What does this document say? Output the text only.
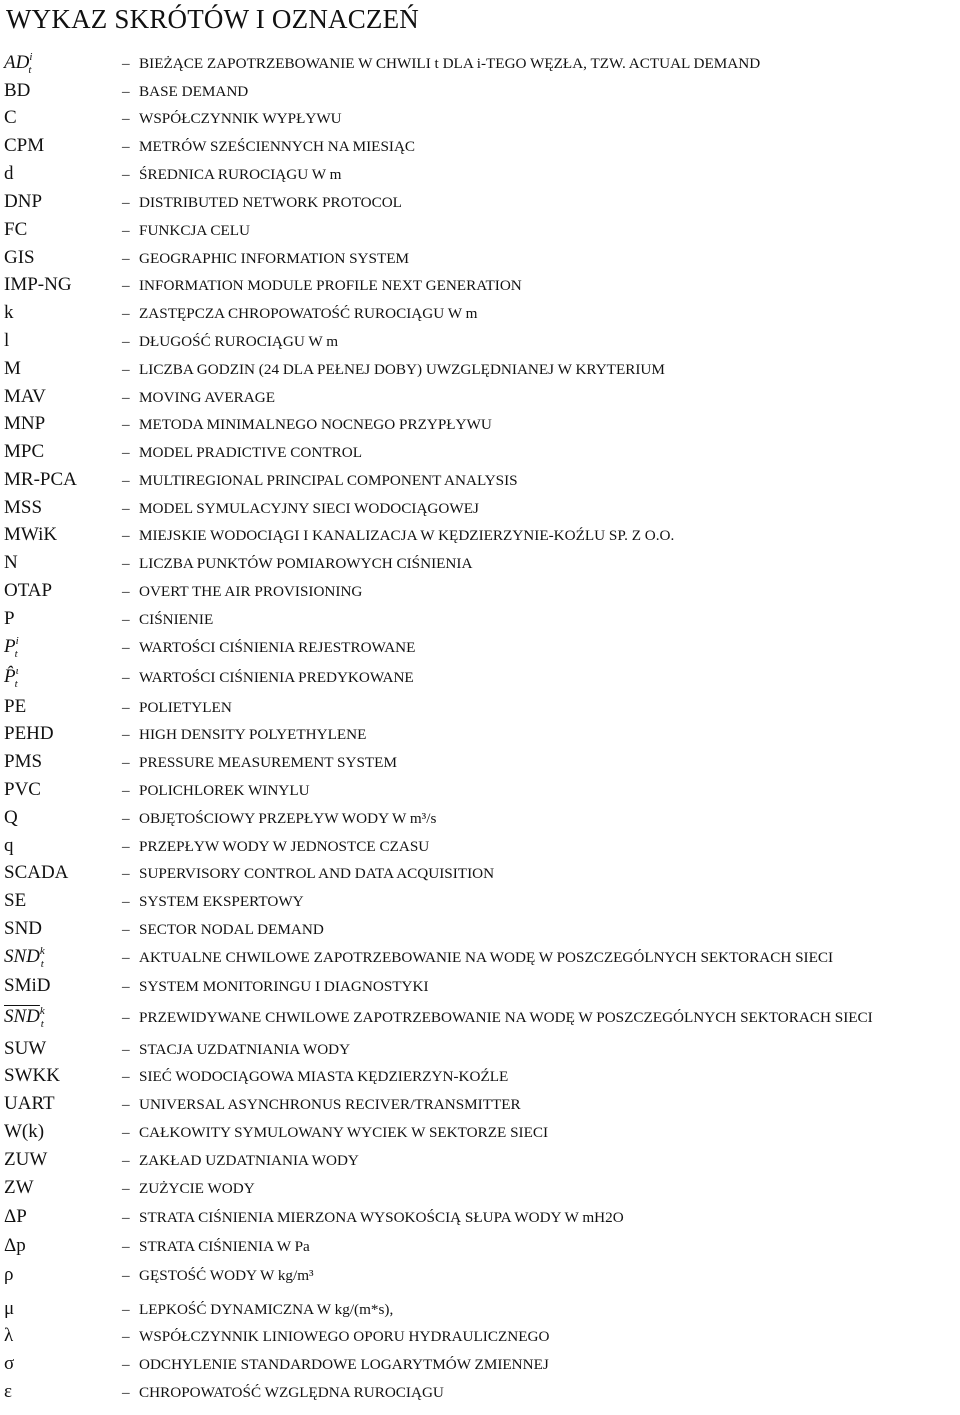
WYKAZ SKRÓTÓW I OZNACZEŃ
$AD^i_t$	– BIEŻĄCE ZAPOTRZEBOWANIE W CHWILI t DLA i-TEGO WĘZŁA, TZW. ACTUAL DEMAND
BD	– BASE DEMAND
C	– WSPÓŁCZYNNIK WYPŁYWU
CPM	– METRÓW SZEŚCIENNYCH NA MIESIĄC
d	– ŚREDNICA RUROCIĄGU W m
DNP	– DISTRIBUTED NETWORK PROTOCOL
FC	– FUNKCJA CELU
GIS	– GEOGRAPHIC INFORMATION SYSTEM
IMP-NG	– INFORMATION MODULE PROFILE NEXT GENERATION
k	– ZASTĘPCZA CHROPOWATOŚĆ RUROCIĄGU W m
l	– DŁUGOŚĆ RUROCIĄGU W m
M	– LICZBA GODZIN (24 DLA PEŁNEJ DOBY) UWZGLĘDNIANEJ W KRYTERIUM
MAV	– MOVING AVERAGE
MNP	– METODA MINIMALNEGO NOCNEGO PRZYPŁYWU
MPC	– MODEL PRADICTIVE CONTROL
MR-PCA	– MULTIREGIONAL PRINCIPAL COMPONENT ANALYSIS
MSS	– MODEL SYMULACYJNY SIECI WODOCIĄGOWEJ
MWiK	– MIEJSKIE WODOCIĄGI I KANALIZACJA W KĘDZIERZYNIE-KOŹLU SP. Z O.O.
N	– LICZBA PUNKTÓW POMIAROWYCH CIŚNIENIA
OTAP	– OVERT THE AIR PROVISIONING
P	– CIŚNIENIE
$P^i_t$	– WARTOŚCI CIŚNIENIA REJESTROWANE
P̂$^\iota_t$	– WARTOŚCI CIŚNIENIA PREDYKOWANE
PE	– POLIETYLEN
PEHD	– HIGH DENSITY POLYETHYLENE
PMS	– PRESSURE MEASUREMENT SYSTEM
PVC	– POLICHLOREK WINYLU
Q	– OBJĘTOŚCIOWY PRZEPŁYW WODY W m³/s
q	– PRZEPŁYW WODY W JEDNOSTCE CZASU
SCADA	– SUPERVISORY CONTROL AND DATA ACQUISITION
SE	– SYSTEM EKSPERTOWY
SND	– SECTOR NODAL DEMAND
$SND^k_t$	– AKTUALNE CHWILOWE ZAPOTRZEBOWANIE NA WODĘ W POSZCZEGÓLNYCH SEKTORACH SIECI
SMiD	– SYSTEM MONITORINGU I DIAGNOSTYKI
$\overline{SND}^k_t$	– PRZEWIDYWANE CHWILOWE ZAPOTRZEBOWANIE NA WODĘ W POSZCZEGÓLNYCH SEKTORACH SIECI
SUW	– STACJA UZDATNIANIA WODY
SWKK	– SIEĆ WODOCIĄGOWA MIASTA KĘDZIERZYN-KOŹLE
UART	– UNIVERSAL ASYNCHRONUS RECIVER/TRANSMITTER
W(k)	– CAŁKOWITY SYMULOWANY WYCIEK W SEKTORZE SIECI
ZUW	– ZAKŁAD UZDATNIANIA WODY
ZW	– ZUŻYCIE WODY
ΔP	– STRATA CIŚNIENIA MIERZONA WYSOKOŚCIĄ SŁUPA WODY W mH2O
Δp	– STRATA CIŚNIENIA W Pa
ρ	– GĘSTOŚĆ WODY W kg/m³
μ	– LEPKOŚĆ DYNAMICZNA W kg/(m*s),
λ	– WSPÓŁCZYNNIK LINIOWEGO OPORU HYDRAULICZNEGO
σ	– ODCHYLENIE STANDARDOWE LOGARYTMÓW ZMIENNEJ
ε	– CHROPOWATOŚĆ WZGLĘDNA RUROCIĄGU
